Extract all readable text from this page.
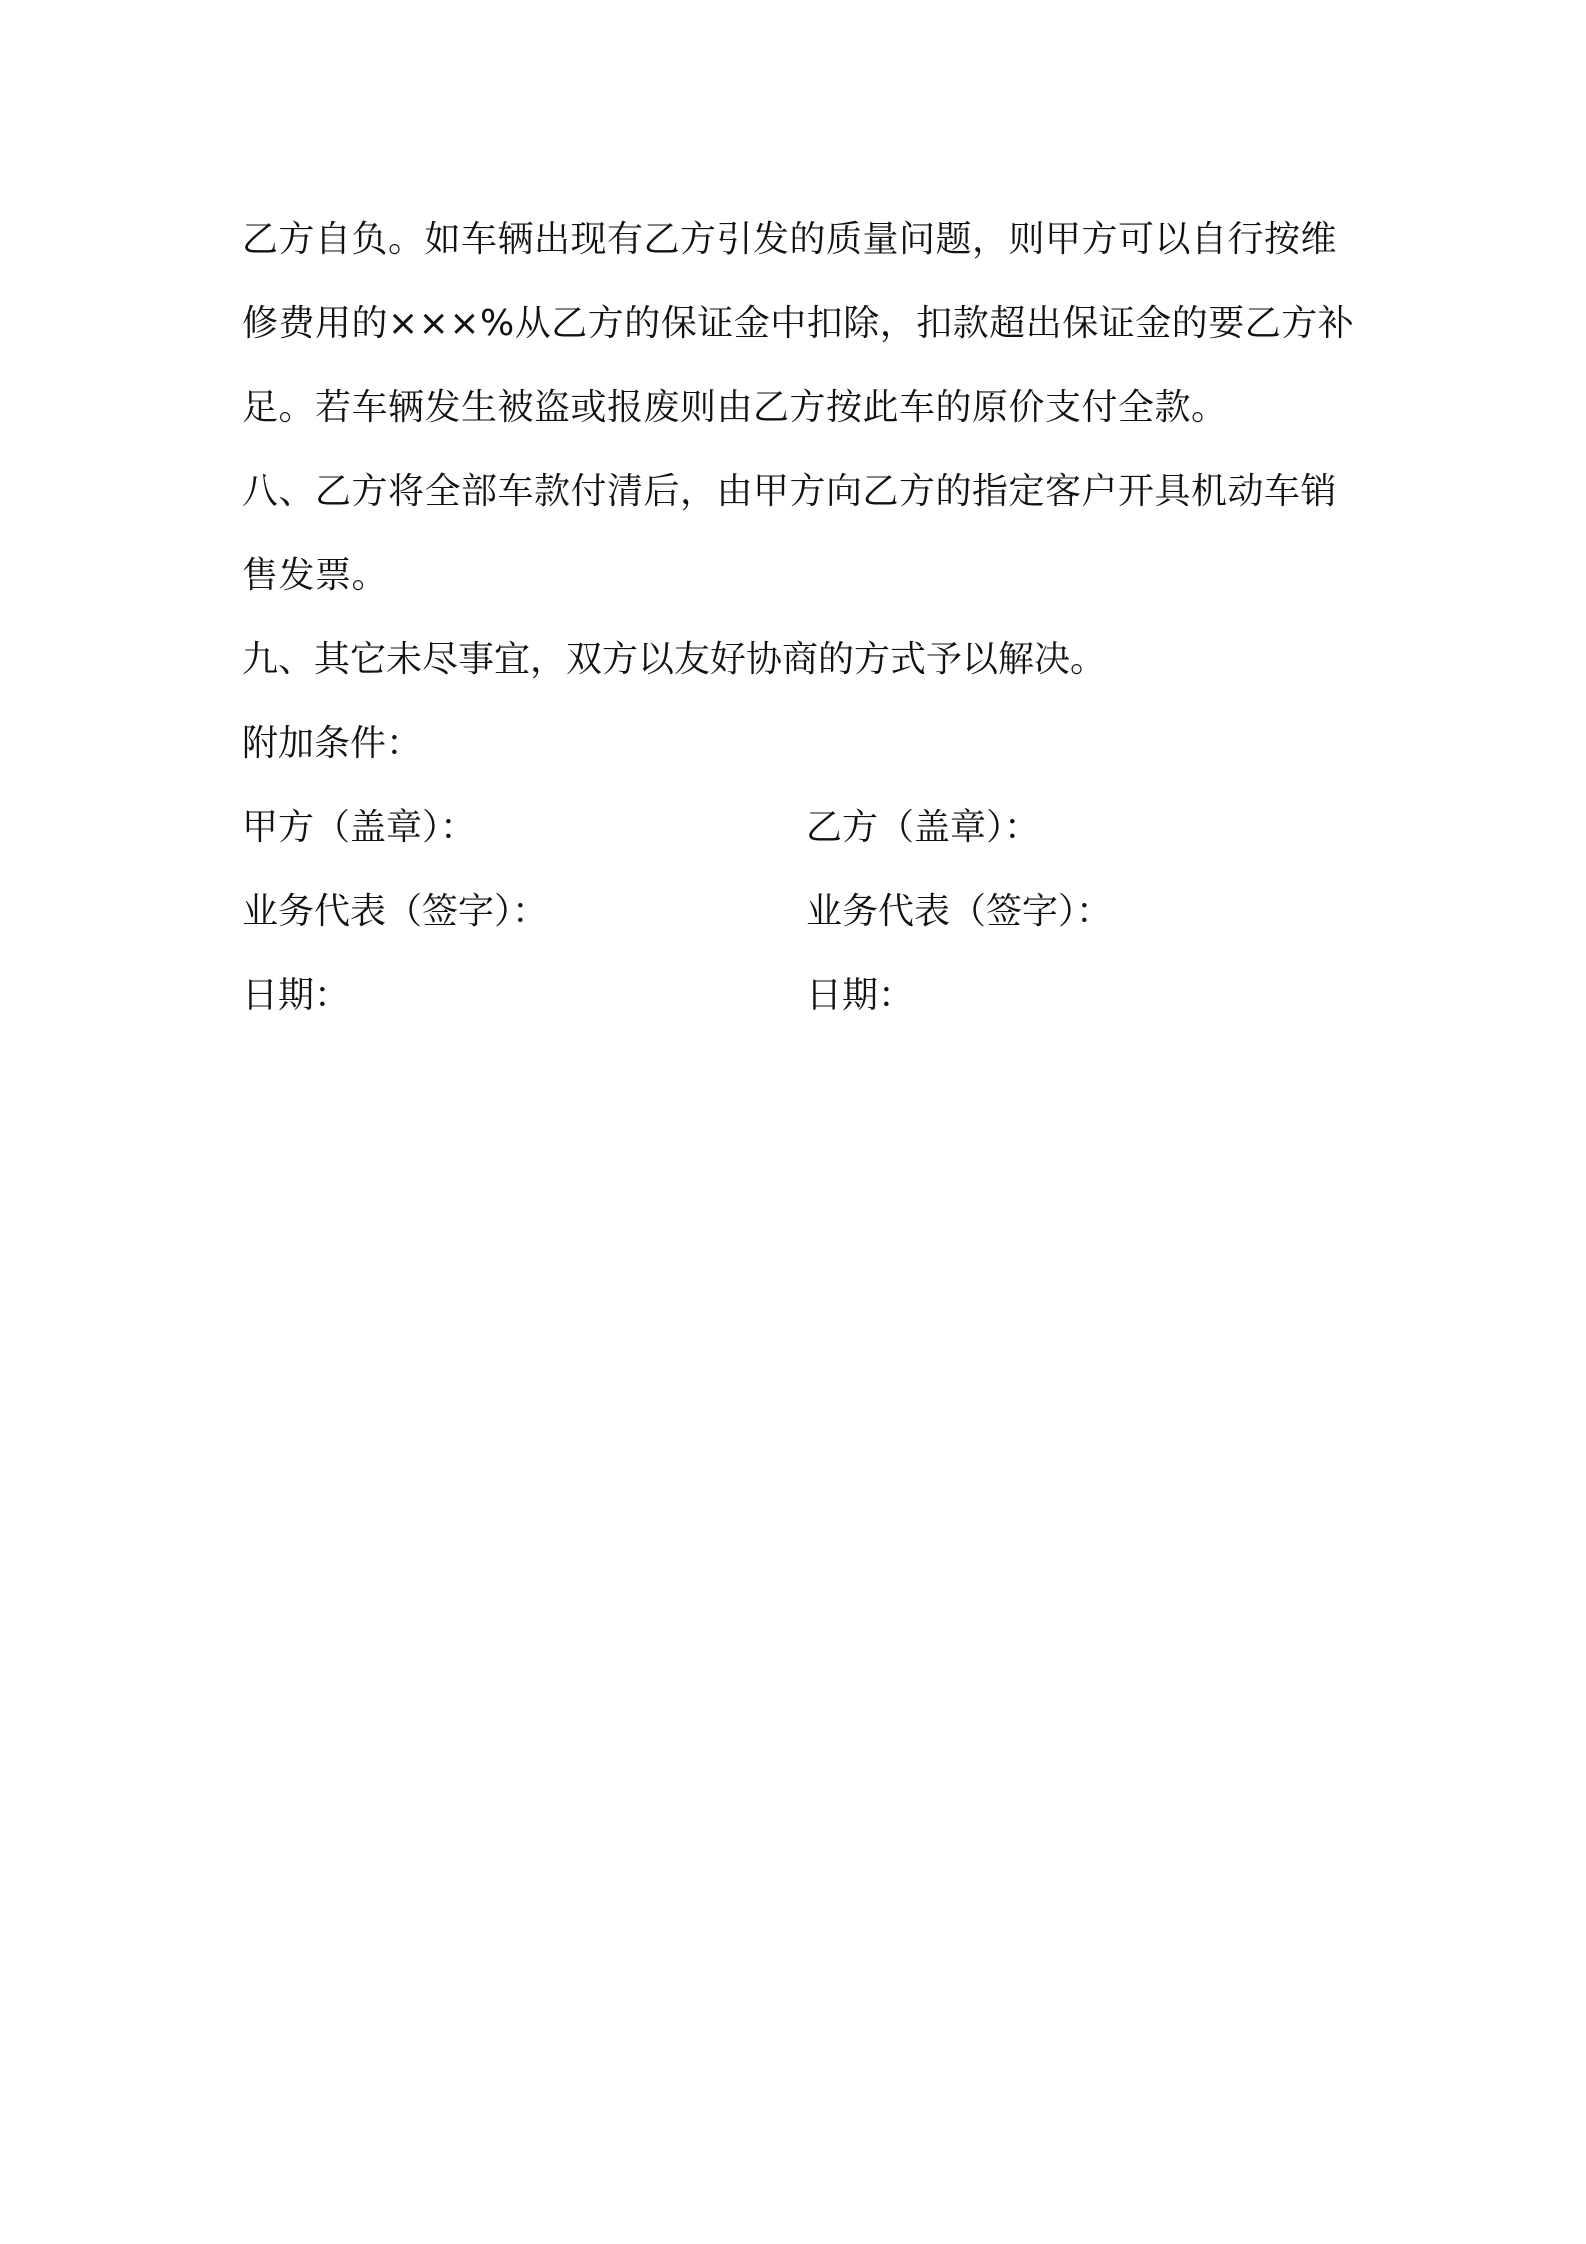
乙方自负。如车辆出现有乙方引发的质量问题，则甲方可以自行按维修费用的×××%从乙方的保证金中扣除，扣款超出保证金的要乙方补足。若车辆发生被盗或报废则由乙方按此车的原价支付全款。

八、乙方将全部车款付清后，由甲方向乙方的指定客户开具机动车销售发票。

九、其它未尽事宜，双方以友好协商的方式予以解决。

附加条件：

甲方（盖章）：	乙方（盖章）：
业务代表（签字）：	业务代表（签字）：
日期：	日期：
